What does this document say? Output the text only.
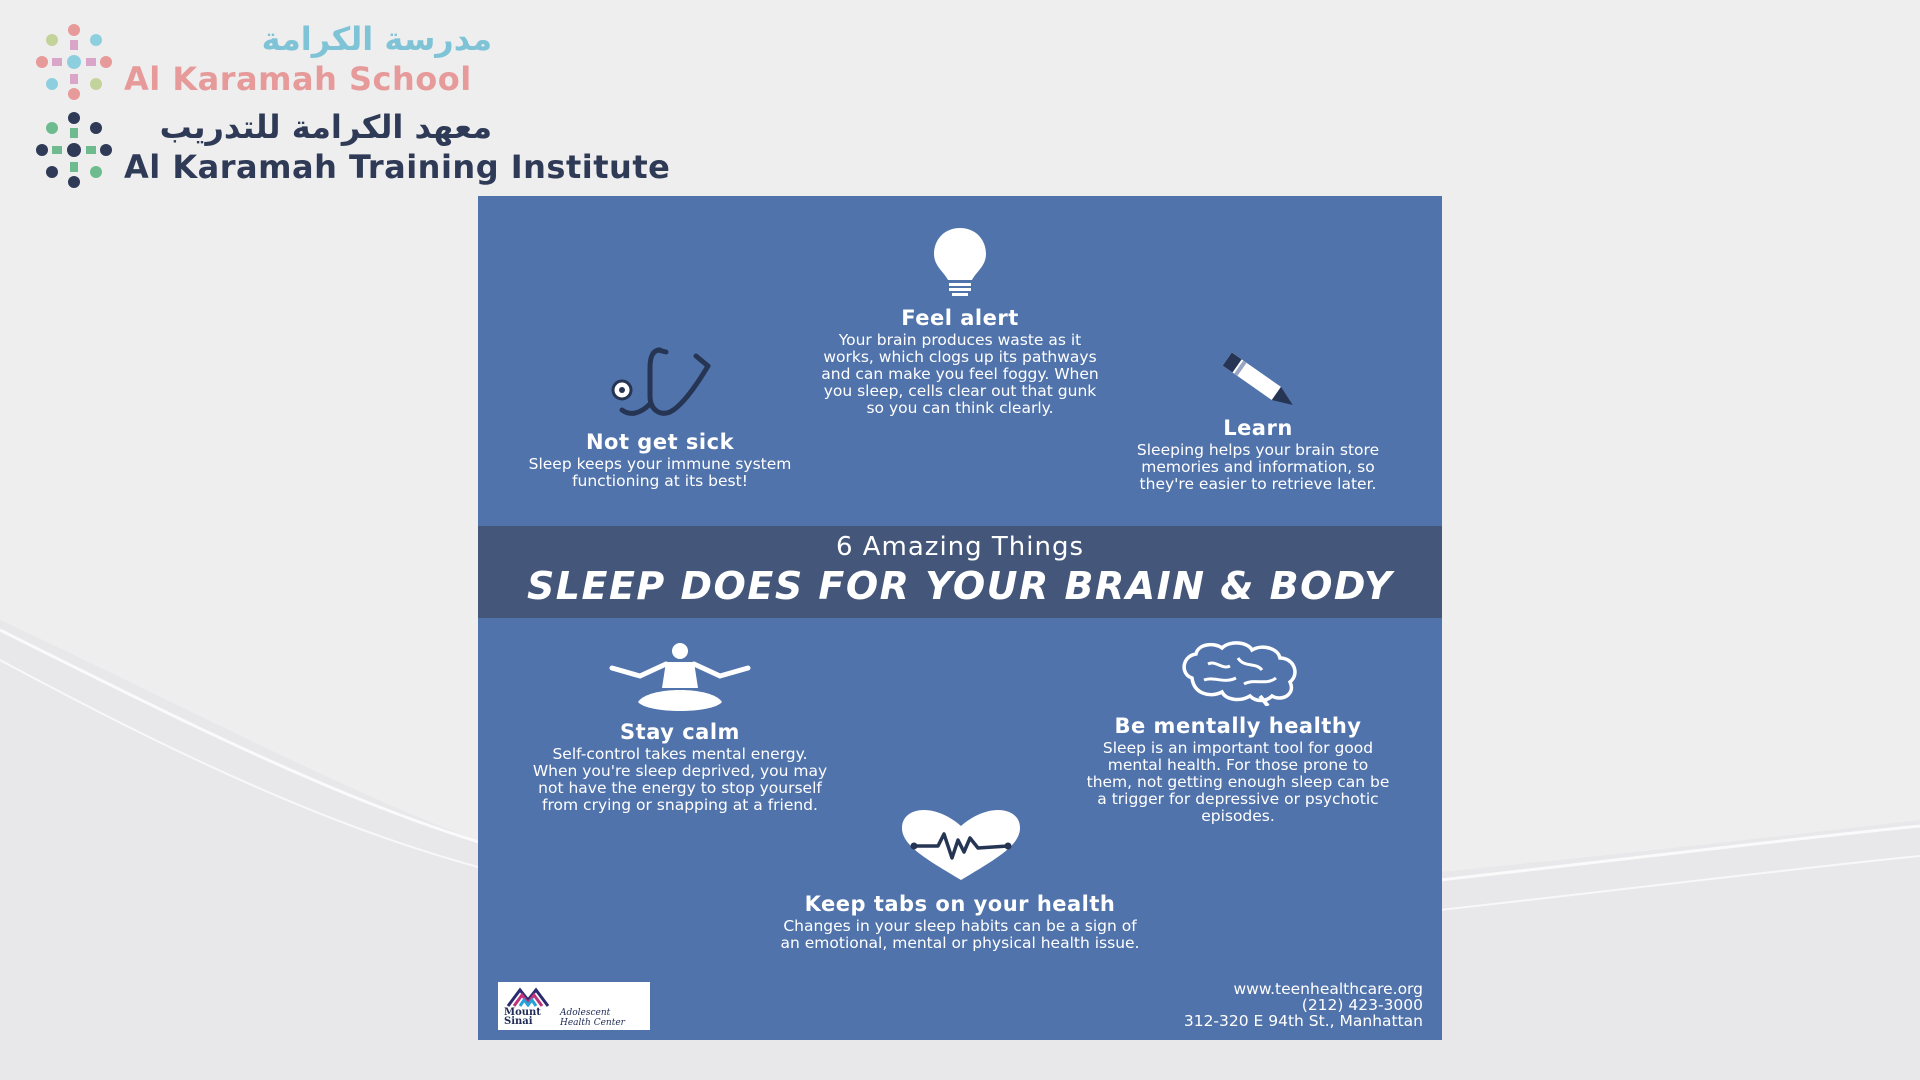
مدرسة الكرامة
Al Karamah School
معهد الكرامة للتدريب
Al Karamah Training Institute
Feel alert
Your brain produces waste as it
works, which clogs up its pathways
and can make you feel foggy. When
you sleep, cells clear out that gunk
so you can think clearly.
Not get sick
Sleep keeps your immune system
functioning at its best!
Learn
Sleeping helps your brain store
memories and information, so
they're easier to retrieve later.
6 Amazing Things
SLEEP DOES FOR YOUR BRAIN & BODY
Stay calm
Self-control takes mental energy.
When you're sleep deprived, you may
not have the energy to stop yourself
from crying or snapping at a friend.
Be mentally healthy
Sleep is an important tool for good
mental health. For those prone to
them, not getting enough sleep can be
a trigger for depressive or psychotic
episodes.
Keep tabs on your health
Changes in your sleep habits can be a sign of
an emotional, mental or physical health issue.
Mount
Sinai
Adolescent
Health Center
www.teenhealthcare.org
(212) 423-3000
312-320 E 94th St., Manhattan
